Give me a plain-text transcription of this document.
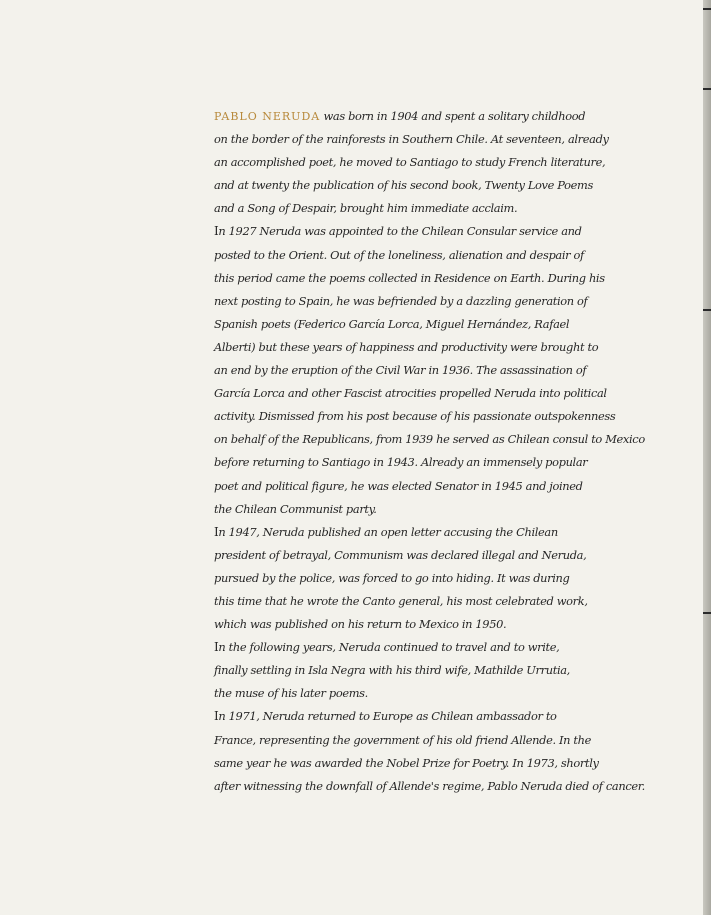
PABLO NERUDA was born in 1904 and spent a solitary childhood
on the border of the rainforests in Southern Chile. At seventeen, already
an accomplished poet, he moved to Santiago to study French literature,
and at twenty the publication of his second book, Twenty Love Poems
and a Song of Despair, brought him immediate acclaim.
In 1927 Neruda was appointed to the Chilean Consular service and
posted to the Orient. Out of the loneliness, alienation and despair of
this period came the poems collected in Residence on Earth. During his
next posting to Spain, he was befriended by a dazzling generation of
Spanish poets (Federico García Lorca, Miguel Hernández, Rafael
Alberti) but these years of happiness and productivity were brought to
an end by the eruption of the Civil War in 1936. The assassination of
García Lorca and other Fascist atrocities propelled Neruda into political
activity. Dismissed from his post because of his passionate outspokenness
on behalf of the Republicans, from 1939 he served as Chilean consul to Mexico
before returning to Santiago in 1943. Already an immensely popular
poet and political figure, he was elected Senator in 1945 and joined
the Chilean Communist party.
In 1947, Neruda published an open letter accusing the Chilean
president of betrayal, Communism was declared illegal and Neruda,
pursued by the police, was forced to go into hiding. It was during
this time that he wrote the Canto general, his most celebrated work,
which was published on his return to Mexico in 1950.
In the following years, Neruda continued to travel and to write,
finally settling in Isla Negra with his third wife, Mathilde Urrutia,
the muse of his later poems.
In 1971, Neruda returned to Europe as Chilean ambassador to
France, representing the government of his old friend Allende. In the
same year he was awarded the Nobel Prize for Poetry. In 1973, shortly
after witnessing the downfall of Allende's regime, Pablo Neruda died of cancer.
